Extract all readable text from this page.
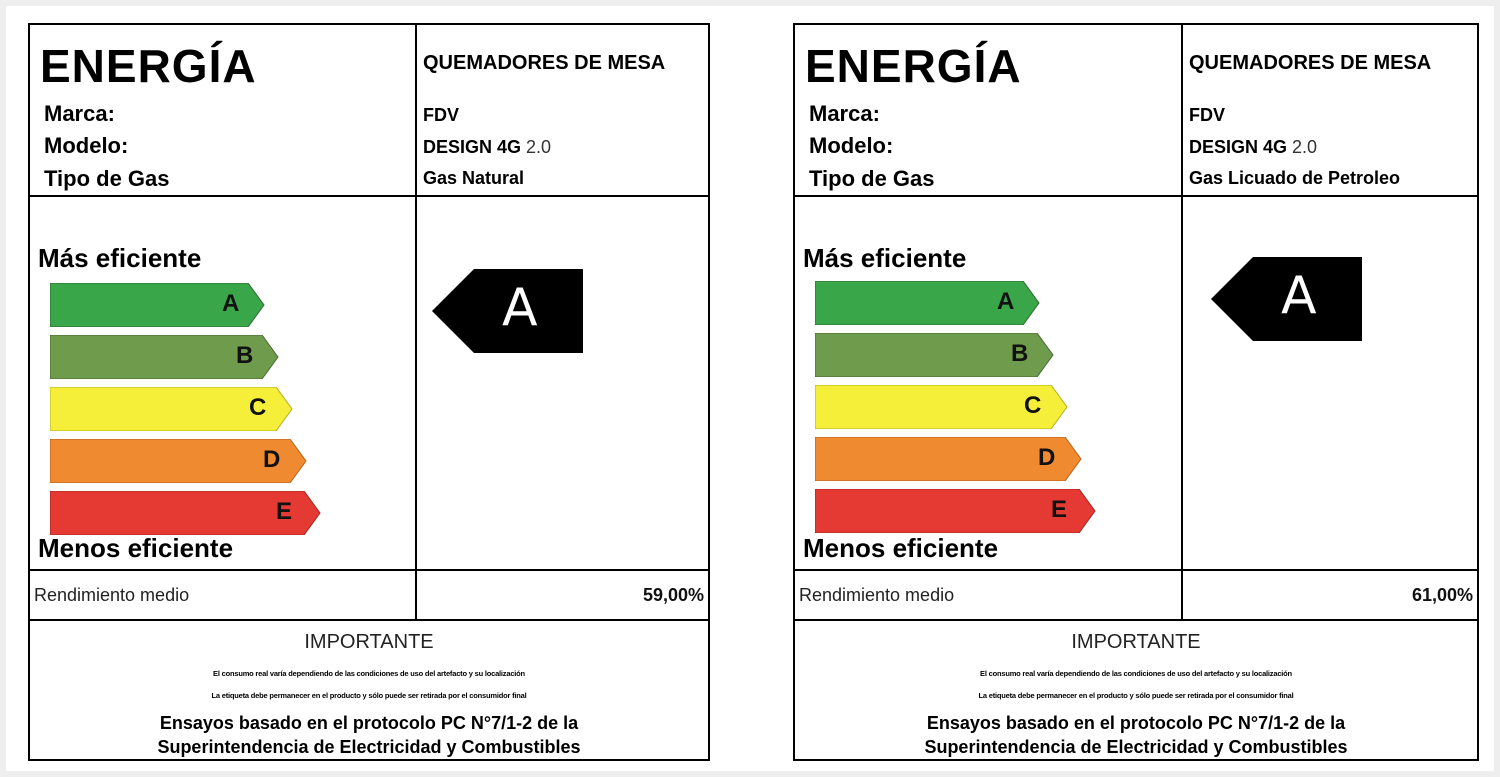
ENERGÍA
Marca:
Modelo:
Tipo de Gas
QUEMADORES DE MESA
FDV
DESIGN 4G 2.0
Gas Natural
Más eficiente
A
B
C
D
E
Menos eficiente
A
Rendimiento medio	59,00%
IMPORTANTE
El consumo real varía dependiendo de las condiciones de uso del artefacto y su localización
La etiqueta debe permanecer en el producto y sólo puede ser retirada por el consumidor final
Ensayos basado en el protocolo PC N°7/1-2 de la
Superintendencia de Electricidad y Combustibles
ENERGÍA
Marca:
Modelo:
Tipo de Gas
QUEMADORES DE MESA
FDV
DESIGN 4G 2.0
Gas Licuado de Petroleo
Más eficiente
A
B
C
D
E
Menos eficiente
A
Rendimiento medio	61,00%
IMPORTANTE
El consumo real varía dependiendo de las condiciones de uso del artefacto y su localización
La etiqueta debe permanecer en el producto y sólo puede ser retirada por el consumidor final
Ensayos basado en el protocolo PC N°7/1-2 de la
Superintendencia de Electricidad y Combustibles
